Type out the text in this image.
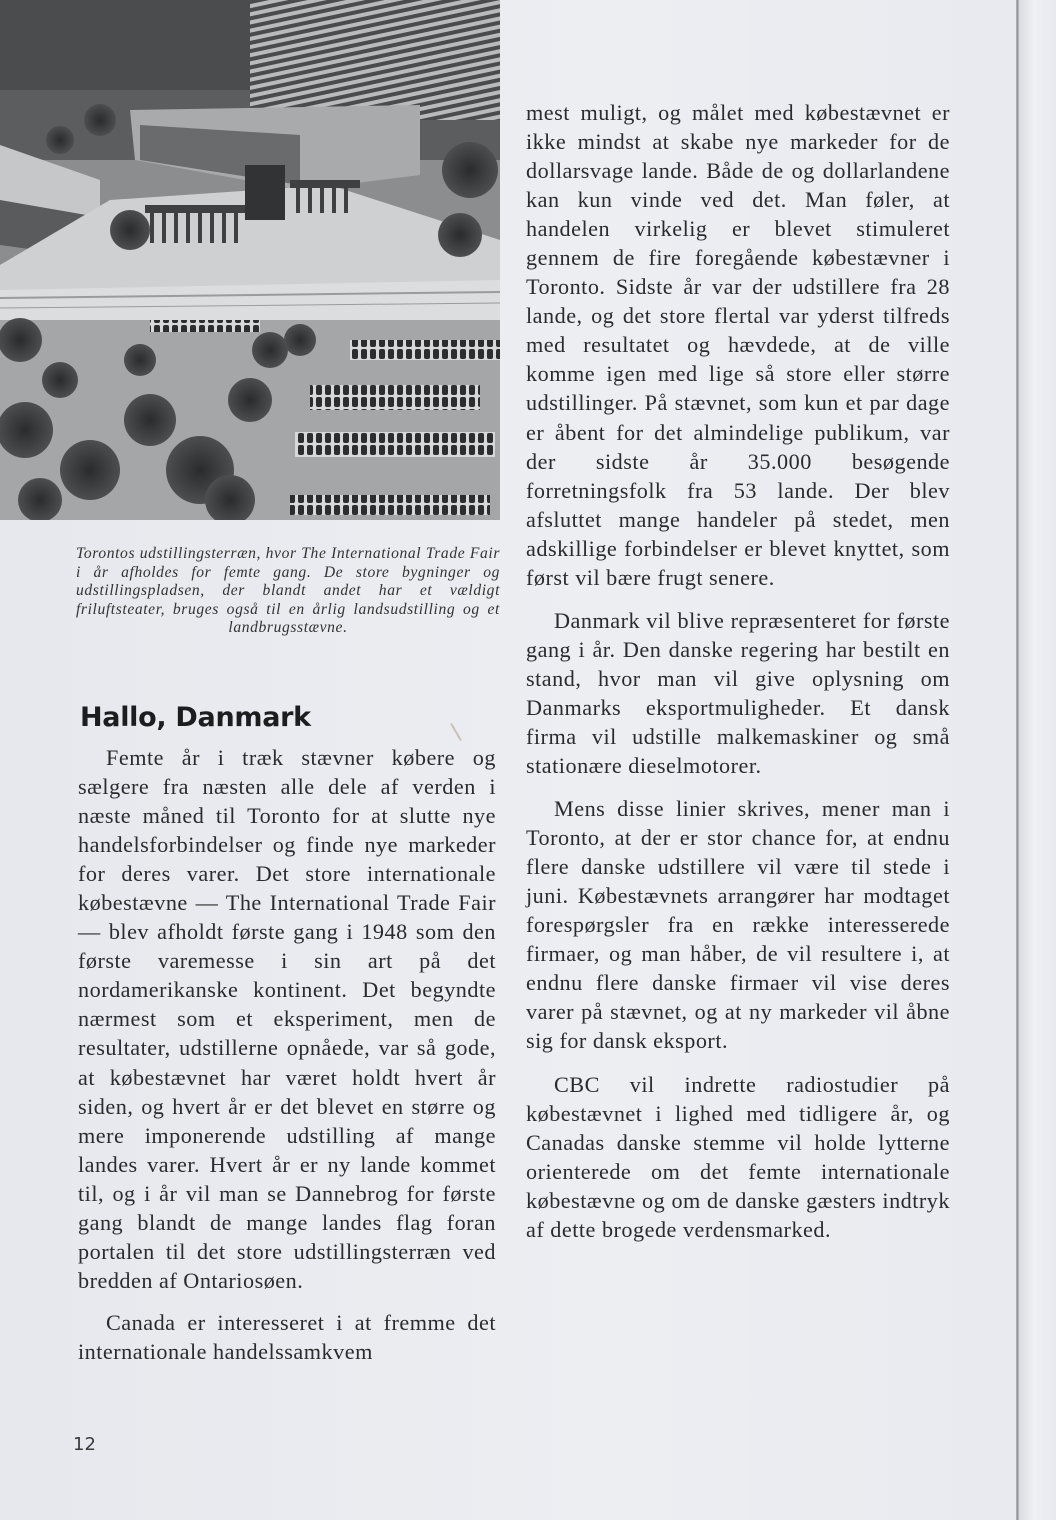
Torontos udstillingsterræn, hvor The International Trade Fair i år afholdes for femte gang. De store bygninger og udstillingspladsen, der blandt andet har et vældigt friluftsteater, bruges også til en årlig landsudstilling og et landbrugsstævne.
Hallo, Danmark

Femte år i træk stævner købere og sælgere fra næsten alle dele af verden i næste måned til Toronto for at slutte nye handelsforbindelser og finde nye markeder for deres varer. Det store internationale købestævne — The International Trade Fair — blev afholdt første gang i 1948 som den første varemesse i sin art på det nordamerikanske kontinent. Det begyndte nærmest som et eksperiment, men de resultater, udstillerne opnåede, var så gode, at købestævnet har været holdt hvert år siden, og hvert år er det blevet en større og mere imponerende udstilling af mange landes varer. Hvert år er ny lande kommet til, og i år vil man se Dannebrog for første gang blandt de mange landes flag foran portalen til det store udstillingsterræn ved bredden af Ontariosøen.

Canada er interesseret i at fremme det internationale handelssamkvem

mest muligt, og målet med købestævnet er ikke mindst at skabe nye markeder for de dollarsvage lande. Både de og dollarlandene kan kun vinde ved det. Man føler, at handelen virkelig er blevet stimuleret gennem de fire foregående købestævner i Toronto. Sidste år var der udstillere fra 28 lande, og det store flertal var yderst tilfreds med resultatet og hævdede, at de ville komme igen med lige så store eller større udstillinger. På stævnet, som kun et par dage er åbent for det almindelige publikum, var der sidste år 35.000 besøgende forretningsfolk fra 53 lande. Der blev afsluttet mange handeler på stedet, men adskillige forbindelser er blevet knyttet, som først vil bære frugt senere.

Danmark vil blive repræsenteret for første gang i år. Den danske regering har bestilt en stand, hvor man vil give oplysning om Danmarks eksportmuligheder. Et dansk firma vil udstille malkemaskiner og små stationære dieselmotorer.

Mens disse linier skrives, mener man i Toronto, at der er stor chance for, at endnu flere danske udstillere vil være til stede i juni. Købestævnets arrangører har modtaget forespørgsler fra en række interesserede firmaer, og man håber, de vil resultere i, at endnu flere danske firmaer vil vise deres varer på stævnet, og at ny markeder vil åbne sig for dansk eksport.

CBC vil indrette radiostudier på købestævnet i lighed med tidligere år, og Canadas danske stemme vil holde lytterne orienterede om det femte internationale købestævne og om de danske gæsters indtryk af dette brogede verdensmarked.

12
